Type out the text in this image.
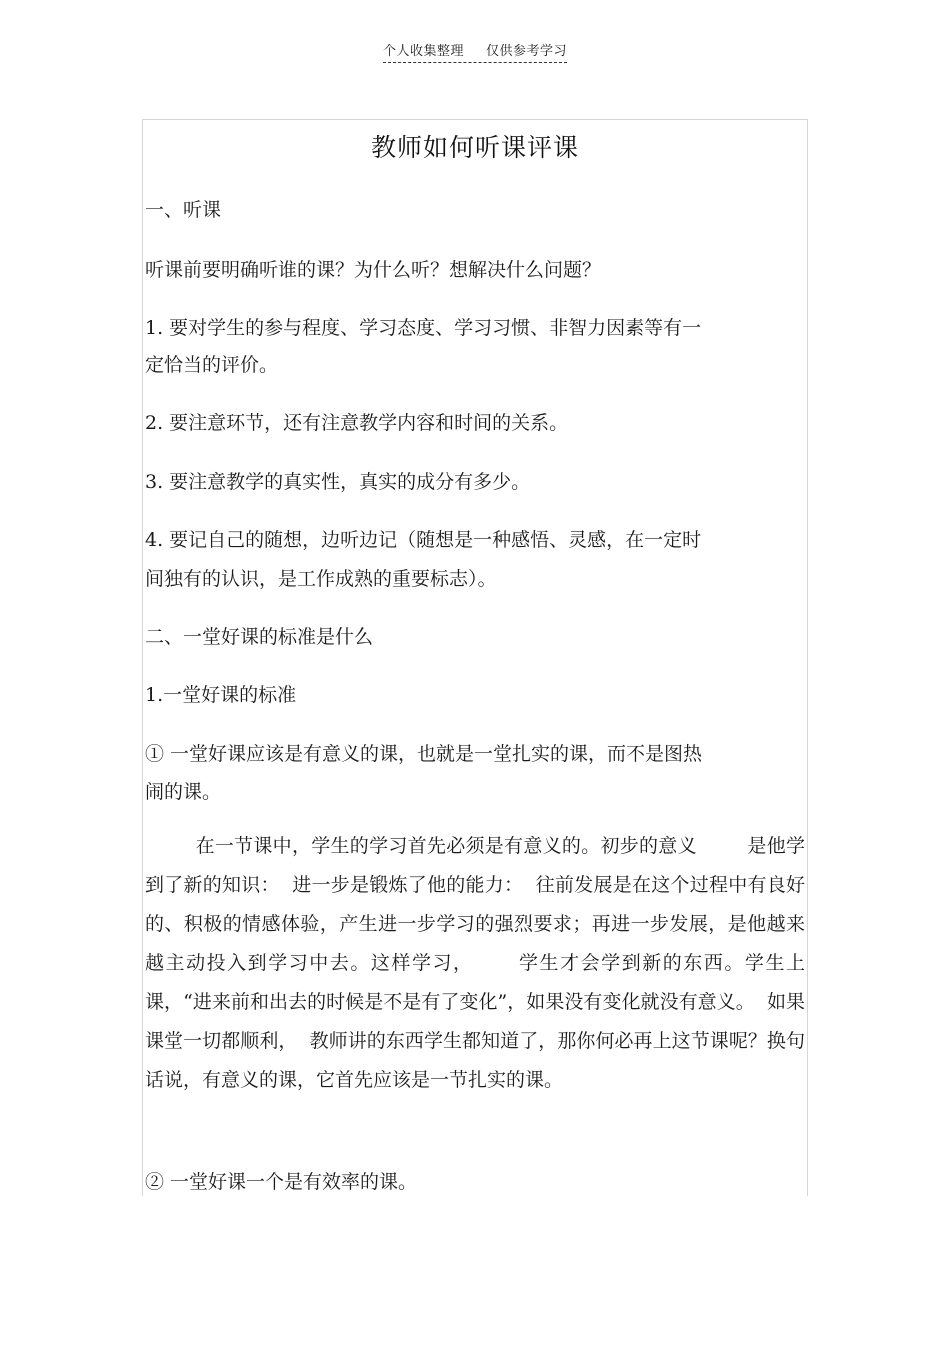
个人收集整理 仅供参考学习
教师如何听课评课
一、听课
听课前要明确听谁的课？为什么听？想解决什么问题？
1. 要对学生的参与程度、学习态度、学习习惯、非智力因素等有一
定恰当的评价。
2. 要注意环节，还有注意教学内容和时间的关系。
3. 要注意教学的真实性，真实的成分有多少。
4. 要记自己的随想，边听边记（随想是一种感悟、灵感，在一定时
间独有的认识，是工作成熟的重要标志）。
二、一堂好课的标准是什么
1.一堂好课的标准
① 一堂好课应该是有意义的课，也就是一堂扎实的课，而不是图热
闹的课。
在一节课中，学生的学习首先必须是有意义的。初步的意义        是他学到了新的知识：  进一步是锻炼了他的能力：  往前发展是在这个过程中有良好的、积极的情感体验，产生进一步学习的强烈要求；再进一步发展，是他越来越主动投入到学习中去。这样学习，      学生才会学到新的东西。学生上课，“进来前和出去的时候是不是有了变化”，如果没有变化就没有意义。  如果课堂一切都顺利，  教师讲的东西学生都知道了，那你何必再上这节课呢？换句话说，有意义的课，它首先应该是一节扎实的课。
② 一堂好课一个是有效率的课。
